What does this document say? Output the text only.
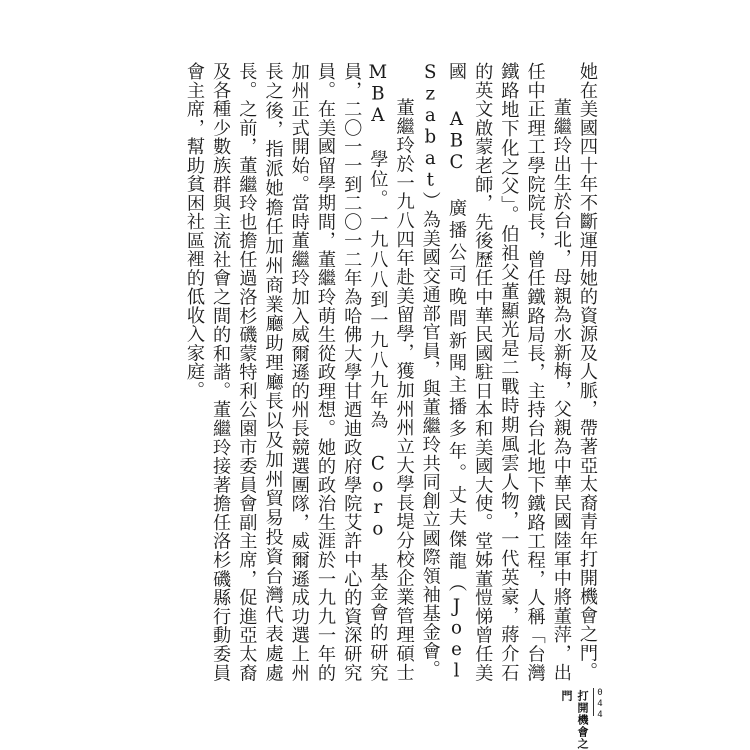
她在美國四十年不斷運用她的資源及人脈，帶著亞太裔青年打開機會之門。

董繼玲出生於台北，母親為水新梅，父親為中華民國陸軍中將董萍，出任中正理工學院院長，曾任鐵路局長，主持台北地下鐵路工程，人稱「台灣鐵路地下化之父」。伯祖父董顯光是二戰時期風雲人物，一代英豪，蔣介石的英文啟蒙老師，先後歷任中華民國駐日本和美國大使。堂姊董愷悌曾任美國 ABC 廣播公司晚間新聞主播多年。丈夫傑龍（Joel Szabat）為美國交通部官員，與董繼玲共同創立國際領袖基金會。

董繼玲於一九八四年赴美留學，獲加州州立大學長堤分校企業管理碩士 MBA 學位。一九八八到一九八九年為 Coro 基金會的研究員，二〇一一到二〇一二年為哈佛大學甘迺迪政府學院艾許中心的資深研究員。在美國留學期間，董繼玲萌生從政理想。她的政治生涯於一九九一年的加州正式開始。當時董繼玲加入威爾遜的州長競選團隊，威爾遜成功選上州長之後，指派她擔任加州商業廳助理廳長以及加州貿易投資台灣代表處處長。之前，董繼玲也擔任過洛杉磯蒙特利公園市委員會副主席，促進亞太裔及各種少數族群與主流社會之間的和諧。董繼玲接著擔任洛杉磯縣行動委員會主席，幫助貧困社區裡的低收入家庭。

044
打開機會之門
